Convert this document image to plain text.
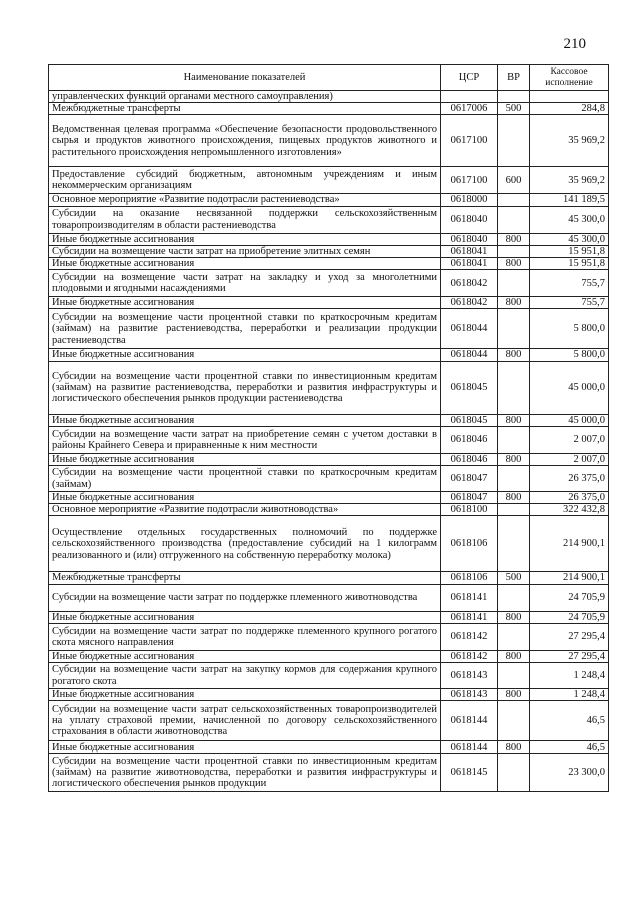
210
Наименование показателей	ЦСР	ВР	Кассовое исполнение
управленческих функций органами местного самоуправления)			
Межбюджетные трансферты	0617006	500	284,8
Ведомственная целевая программа «Обеспечение безопасности продовольственного сырья и продуктов животного происхождения, пищевых продуктов животного и растительного происхождения непромышленного изготовления»	0617100		35 969,2
Предоставление субсидий бюджетным, автономным учреждениям и иным некоммерческим организациям	0617100	600	35 969,2
Основное мероприятие «Развитие подотрасли растениеводства»	0618000		141 189,5
Субсидии на оказание несвязанной поддержки сельскохозяйственным товаропроизводителям в области растениеводства	0618040		45 300,0
Иные бюджетные ассигнования	0618040	800	45 300,0
Субсидии на возмещение части затрат на приобретение элитных семян	0618041		15 951,8
Иные бюджетные ассигнования	0618041	800	15 951,8
Субсидии на возмещение части затрат на закладку и уход за многолетними плодовыми и ягодными насаждениями	0618042		755,7
Иные бюджетные ассигнования	0618042	800	755,7
Субсидии на возмещение части процентной ставки по краткосрочным кредитам (займам) на развитие растениеводства, переработки и реализации продукции растениеводства	0618044		5 800,0
Иные бюджетные ассигнования	0618044	800	5 800,0
Субсидии на возмещение части процентной ставки по инвестиционным кредитам (займам) на развитие растениеводства, переработки и развития инфраструктуры и логистического обеспечения рынков продукции растениеводства	0618045		45 000,0
Иные бюджетные ассигнования	0618045	800	45 000,0
Субсидии на возмещение части затрат на приобретение семян с учетом доставки в районы Крайнего Севера и приравненные к ним местности	0618046		2 007,0
Иные бюджетные ассигнования	0618046	800	2 007,0
Субсидии на возмещение части процентной ставки по краткосрочным кредитам (займам)	0618047		26 375,0
Иные бюджетные ассигнования	0618047	800	26 375,0
Основное мероприятие «Развитие подотрасли животноводства»	0618100		322 432,8
Осуществление отдельных государственных полномочий по поддержке сельскохозяйственного производства (предоставление субсидий на 1 килограмм реализованного и (или) отгруженного на собственную переработку молока)	0618106		214 900,1
Межбюджетные трансферты	0618106	500	214 900,1
Субсидии на возмещение части затрат по поддержке племенного животноводства	0618141		24 705,9
Иные бюджетные ассигнования	0618141	800	24 705,9
Субсидии на возмещение части затрат по поддержке племенного крупного рогатого скота мясного направления	0618142		27 295,4
Иные бюджетные ассигнования	0618142	800	27 295,4
Субсидии на возмещение части затрат на закупку кормов для содержания крупного рогатого скота	0618143		1 248,4
Иные бюджетные ассигнования	0618143	800	1 248,4
Субсидии на возмещение части затрат сельскохозяйственных товаропроизводителей на уплату страховой премии, начисленной по договору сельскохозяйственного страхования в области животноводства	0618144		46,5
Иные бюджетные ассигнования	0618144	800	46,5
Субсидии на возмещение части процентной ставки по инвестиционным кредитам (займам) на развитие животноводства, переработки и развития инфраструктуры и логистического обеспечения рынков продукции	0618145		23 300,0
